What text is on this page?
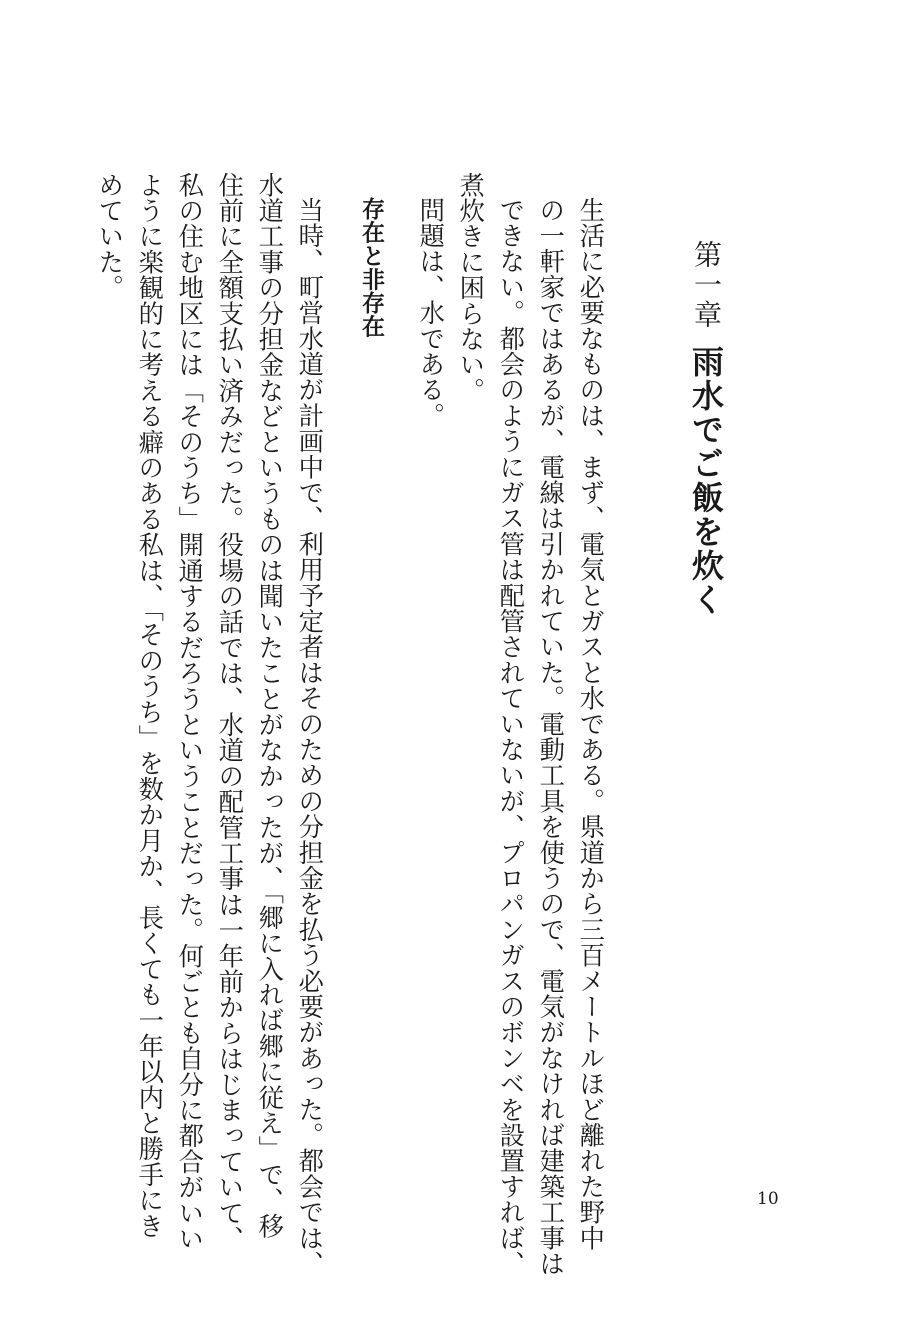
第一章
雨水でご飯を炊く
生活に必要なものは、まず、電気とガスと水である。県道から三百メートルほど離れた野中
の一軒家ではあるが、電線は引かれていた。電動工具を使うので、電気がなければ建築工事は
できない。都会のようにガス管は配管されていないが、プロパンガスのボンベを設置すれば、
煮炊きに困らない。
問題は、水である。
存在と非存在
当時、町営水道が計画中で、利用予定者はそのための分担金を払う必要があった。都会では、
水道工事の分担金などというものは聞いたことがなかったが、「郷に入れば郷に従え」で、移
住前に全額支払い済みだった。役場の話では、水道の配管工事は一年前からはじまっていて、
私の住む地区には「そのうち」開通するだろうということだった。何ごとも自分に都合がいい
ように楽観的に考える癖のある私は、「そのうち」を数か月か、長くても一年以内と勝手にき
めていた。
10
